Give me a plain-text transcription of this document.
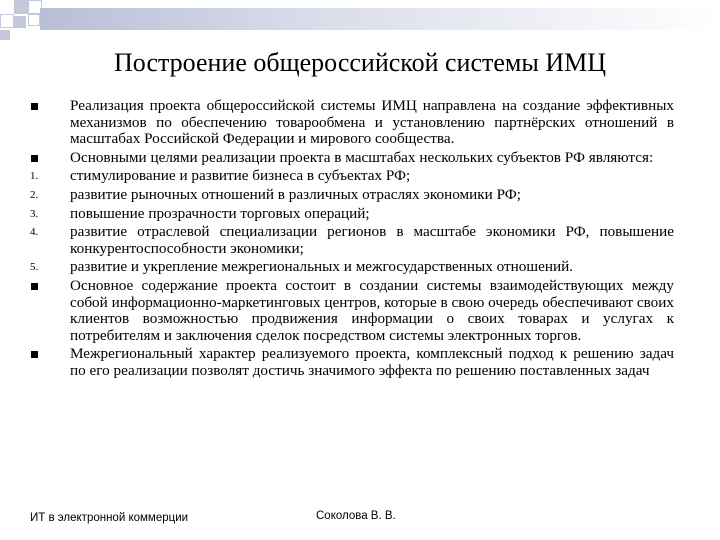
Построение общероссийской системы ИМЦ
Реализация проекта общероссийской системы ИМЦ направлена на создание эффективных механизмов по обеспечению товарообмена и установлению партнёрских отношений в масштабах Российской Федерации и мирового сообщества.
Основными целями реализации проекта в масштабах нескольких субъектов РФ являются:
1. стимулирование и развитие бизнеса в субъектах РФ;
2. развитие рыночных отношений в различных отраслях экономики РФ;
3. повышение прозрачности торговых операций;
4. развитие отраслевой специализации регионов в масштабе экономики РФ, повышение конкурентоспособности экономики;
5. развитие и укрепление межрегиональных и межгосударственных отношений.
Основное содержание проекта состоит в создании системы взаимодействующих между собой информационно-маркетинговых центров, которые в свою очередь обеспечивают своих клиентов возможностью продвижения информации о своих товарах и услугах к потребителям и заключения сделок посредством системы электронных торгов.
Межрегиональный характер реализуемого проекта, комплексный подход к решению задач по его реализации позволят достичь значимого эффекта по решению поставленных задач
ИТ в электронной коммерции	Соколова В. В.
